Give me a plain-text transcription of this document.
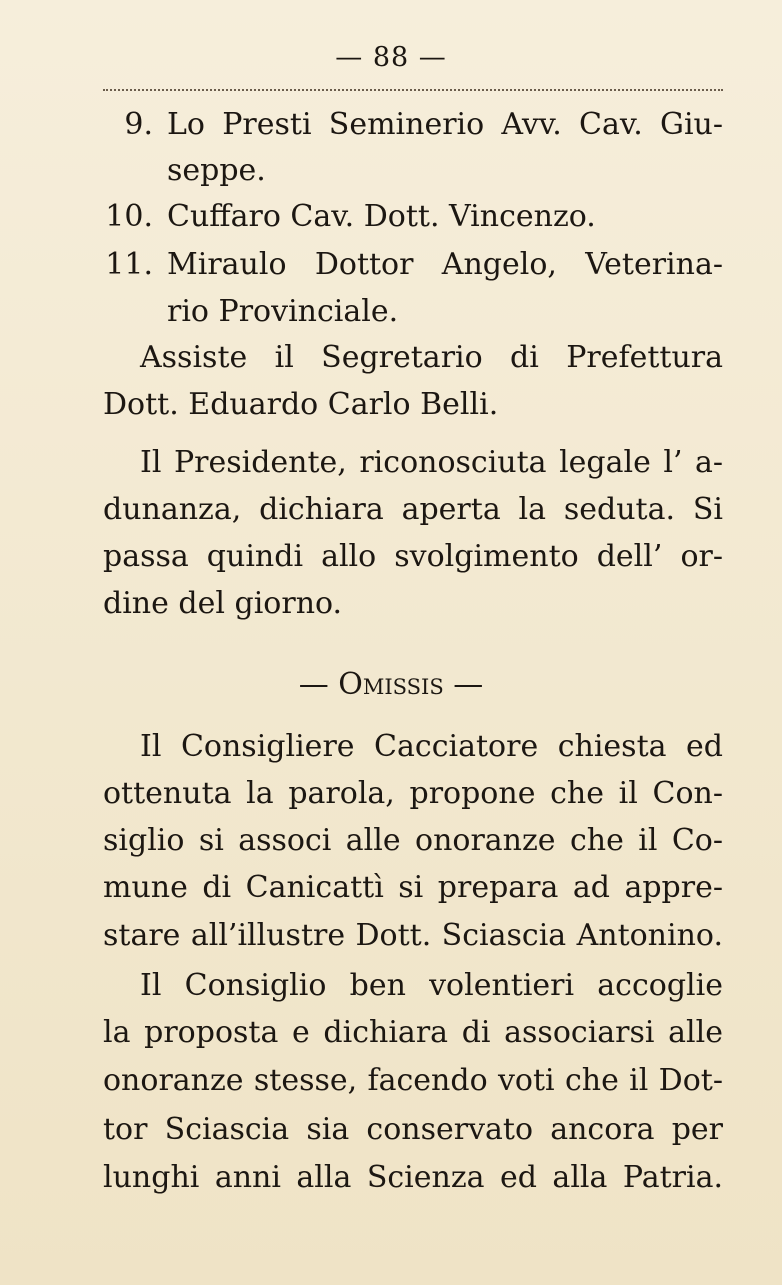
— 88 —
9. Lo Presti Seminerio Avv. Cav. Giu-
seppe.
10. Cuffaro Cav. Dott. Vincenzo.
11. Miraulo Dottor Angelo, Veterina-
rio Provinciale.
Assiste il Segretario di Prefettura
Dott. Eduardo Carlo Belli.
Il Presidente, riconosciuta legale l’ a-
dunanza, dichiara aperta la seduta. Si
passa quindi allo svolgimento dell’ or-
dine del giorno.
— Omissis —
Il Consigliere Cacciatore chiesta ed
ottenuta la parola, propone che il Con-
siglio si associ alle onoranze che il Co-
mune di Canicattì si prepara ad appre-
stare all’illustre Dott. Sciascia Antonino.
Il Consiglio ben volentieri accoglie
la proposta e dichiara di associarsi alle
onoranze stesse, facendo voti che il Dot-
tor Sciascia sia conservato ancora per
lunghi anni alla Scienza ed alla Patria.
